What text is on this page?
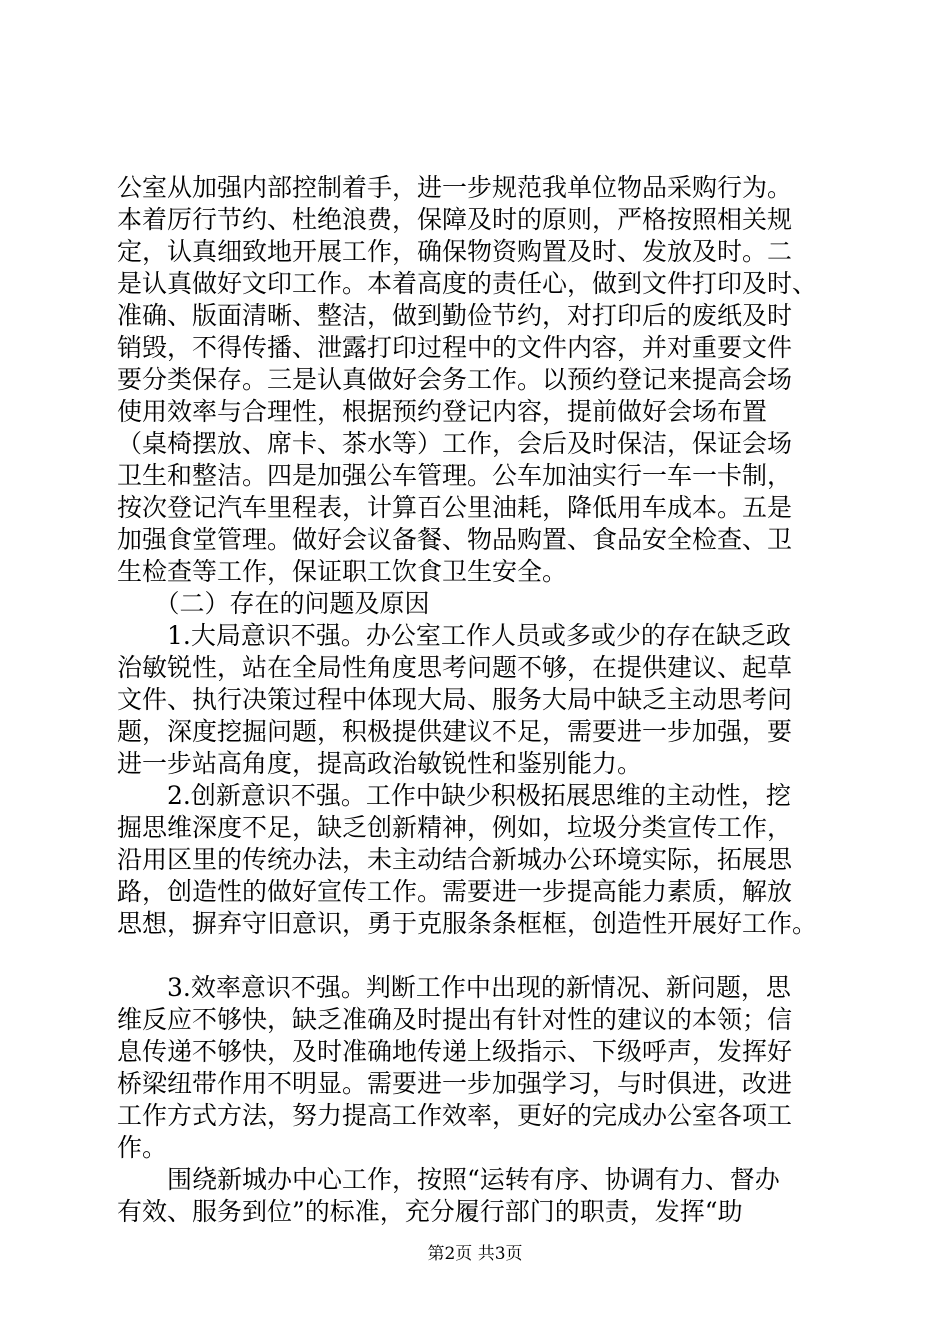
公室从加强内部控制着手，进一步规范我单位物品采购行为。
本着厉行节约、杜绝浪费，保障及时的原则，严格按照相关规
定，认真细致地开展工作，确保物资购置及时、发放及时。二
是认真做好文印工作。本着高度的责任心，做到文件打印及时、
准确、版面清晰、整洁，做到勤俭节约，对打印后的废纸及时
销毁，不得传播、泄露打印过程中的文件内容，并对重要文件
要分类保存。三是认真做好会务工作。以预约登记来提高会场
使用效率与合理性，根据预约登记内容，提前做好会场布置
（桌椅摆放、席卡、茶水等）工作，会后及时保洁，保证会场
卫生和整洁。四是加强公车管理。公车加油实行一车一卡制，
按次登记汽车里程表，计算百公里油耗，降低用车成本。五是
加强食堂管理。做好会议备餐、物品购置、食品安全检查、卫
生检查等工作，保证职工饮食卫生安全。
　　（二）存在的问题及原因
　　1.大局意识不强。办公室工作人员或多或少的存在缺乏政
治敏锐性，站在全局性角度思考问题不够，在提供建议、起草
文件、执行决策过程中体现大局、服务大局中缺乏主动思考问
题，深度挖掘问题，积极提供建议不足，需要进一步加强，要
进一步站高角度，提高政治敏锐性和鉴别能力。
　　2.创新意识不强。工作中缺少积极拓展思维的主动性，挖
掘思维深度不足，缺乏创新精神，例如，垃圾分类宣传工作，
沿用区里的传统办法，未主动结合新城办公环境实际，拓展思
路，创造性的做好宣传工作。需要进一步提高能力素质，解放
思想，摒弃守旧意识，勇于克服条条框框，创造性开展好工作。
　　3.效率意识不强。判断工作中出现的新情况、新问题，思
维反应不够快，缺乏准确及时提出有针对性的建议的本领；信
息传递不够快，及时准确地传递上级指示、下级呼声，发挥好
桥梁纽带作用不明显。需要进一步加强学习，与时俱进，改进
工作方式方法，努力提高工作效率，更好的完成办公室各项工
作。
　　围绕新城办中心工作，按照“运转有序、协调有力、督办
有效、服务到位”的标准，充分履行部门的职责，发挥“助
第2页 共3页
